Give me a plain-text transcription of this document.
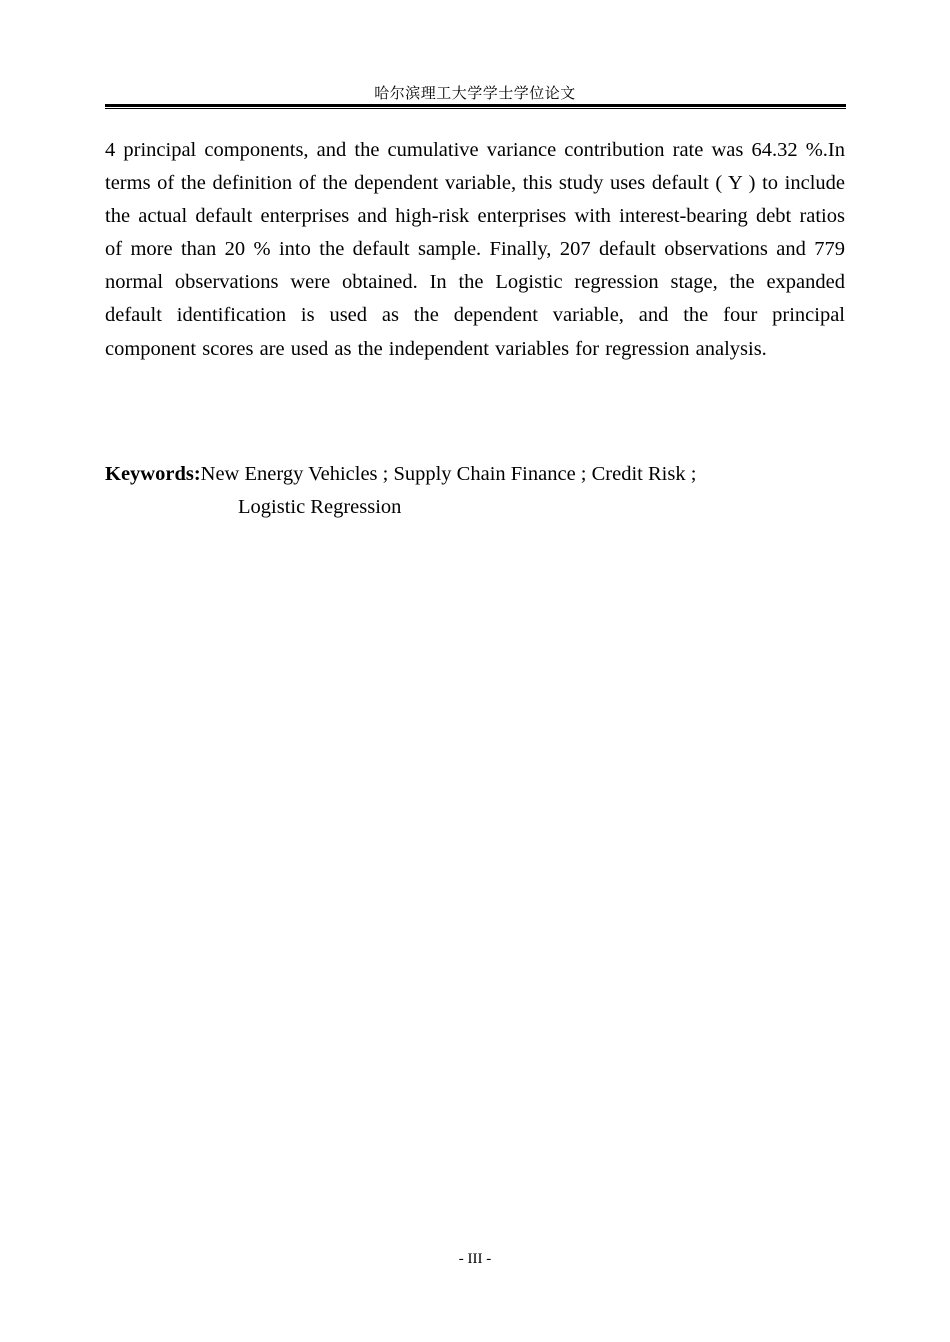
哈尔滨理工大学学士学位论文

4 principal components, and the cumulative variance contribution rate was 64.32 %.In terms of the definition of the dependent variable, this study uses default ( Y ) to include the actual default enterprises and high-risk enterprises with interest-bearing debt ratios of more than 20 % into the default sample. Finally, 207 default observations and 779 normal observations were obtained. In the Logistic regression stage, the expanded default identification is used as the dependent variable, and the four principal component scores are used as the independent variables for regression analysis.

Keywords:New Energy Vehicles ; Supply Chain Finance ; Credit Risk ;
Logistic Regression

- III -
